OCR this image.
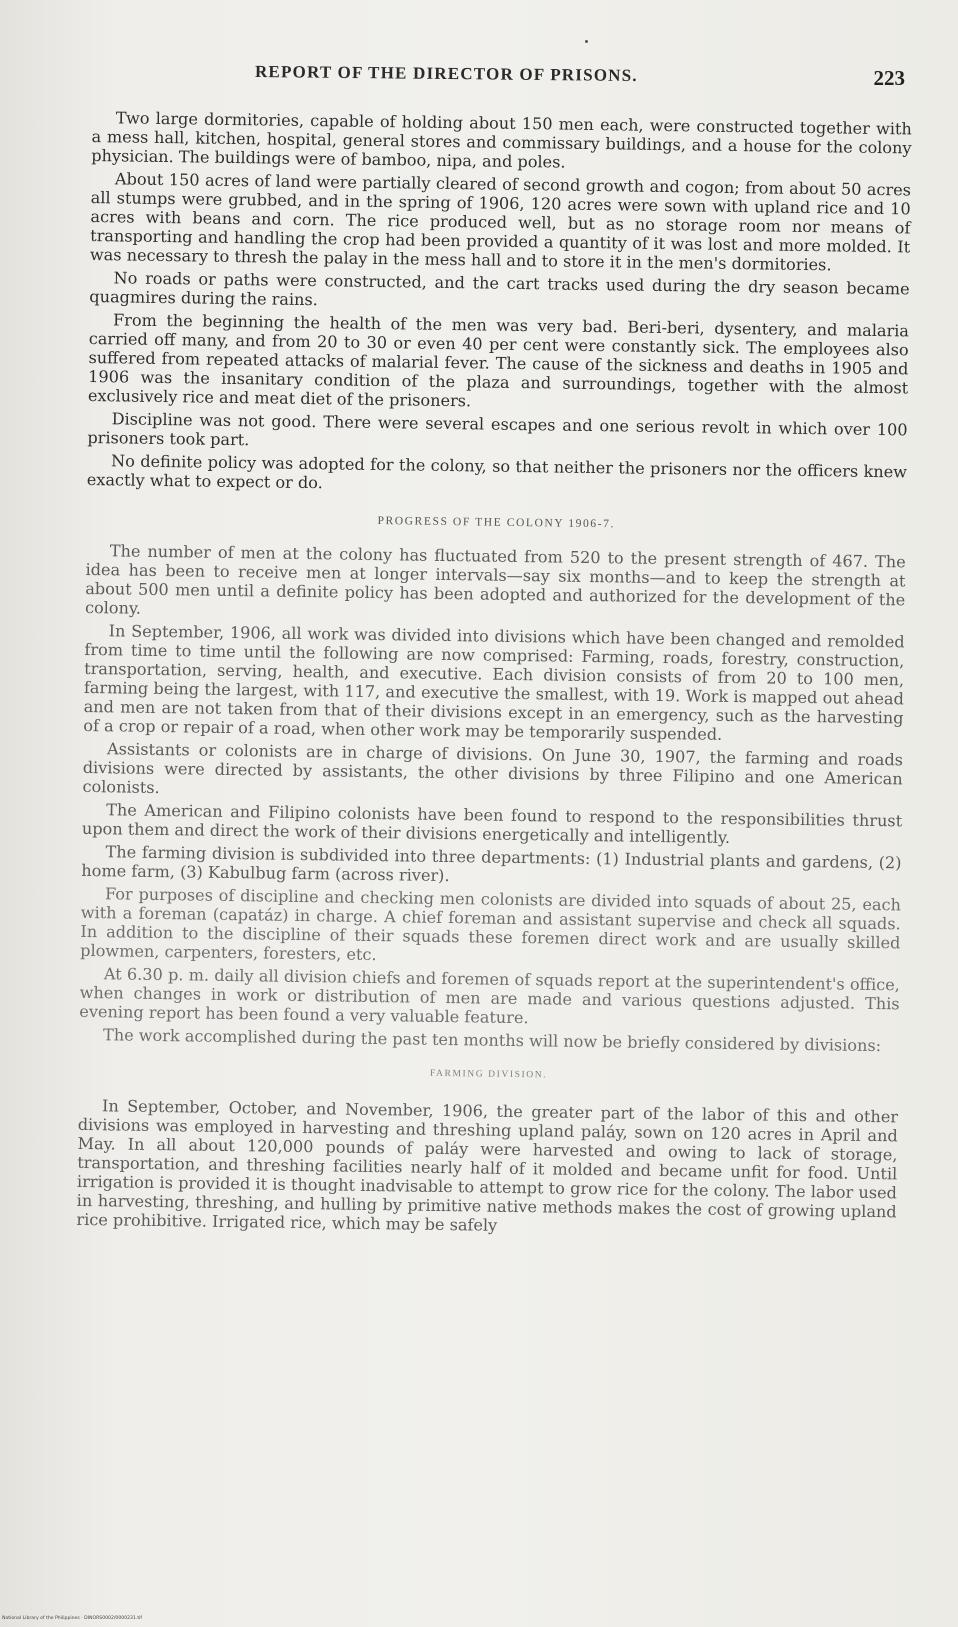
REPORT OF THE DIRECTOR OF PRISONS.	223

Two large dormitories, capable of holding about 150 men each, were constructed together with a mess hall, kitchen, hospital, general stores and commissary buildings, and a house for the colony physician. The buildings were of bamboo, nipa, and poles.

About 150 acres of land were partially cleared of second growth and cogon; from about 50 acres all stumps were grubbed, and in the spring of 1906, 120 acres were sown with upland rice and 10 acres with beans and corn. The rice produced well, but as no storage room nor means of transporting and handling the crop had been provided a quantity of it was lost and more molded. It was necessary to thresh the palay in the mess hall and to store it in the men's dormitories.

No roads or paths were constructed, and the cart tracks used during the dry season became quagmires during the rains.

From the beginning the health of the men was very bad. Beri-beri, dysentery, and malaria carried off many, and from 20 to 30 or even 40 per cent were constantly sick. The employees also suffered from repeated attacks of malarial fever. The cause of the sickness and deaths in 1905 and 1906 was the insanitary condition of the plaza and surroundings, together with the almost exclusively rice and meat diet of the prisoners.

Discipline was not good. There were several escapes and one serious revolt in which over 100 prisoners took part.

No definite policy was adopted for the colony, so that neither the prisoners nor the officers knew exactly what to expect or do.

PROGRESS OF THE COLONY 1906-7.

The number of men at the colony has fluctuated from 520 to the present strength of 467. The idea has been to receive men at longer intervals—say six months—and to keep the strength at about 500 men until a definite policy has been adopted and authorized for the development of the colony.

In September, 1906, all work was divided into divisions which have been changed and remolded from time to time until the following are now comprised: Farming, roads, forestry, construction, transportation, serving, health, and executive. Each division consists of from 20 to 100 men, farming being the largest, with 117, and executive the smallest, with 19. Work is mapped out ahead and men are not taken from that of their divisions except in an emergency, such as the harvesting of a crop or repair of a road, when other work may be temporarily suspended.

Assistants or colonists are in charge of divisions. On June 30, 1907, the farming and roads divisions were directed by assistants, the other divisions by three Filipino and one American colonists.

The American and Filipino colonists have been found to respond to the responsibilities thrust upon them and direct the work of their divisions energetically and intelligently.

The farming division is subdivided into three departments: (1) Industrial plants and gardens, (2) home farm, (3) Kabulbug farm (across river).

For purposes of discipline and checking men colonists are divided into squads of about 25, each with a foreman (capatáz) in charge. A chief foreman and assistant supervise and check all squads. In addition to the discipline of their squads these foremen direct work and are usually skilled plowmen, carpenters, foresters, etc.

At 6.30 p. m. daily all division chiefs and foremen of squads report at the superintendent's office, when changes in work or distribution of men are made and various questions adjusted. This evening report has been found a very valuable feature.

The work accomplished during the past ten months will now be briefly considered by divisions:

FARMING DIVISION.

In September, October, and November, 1906, the greater part of the labor of this and other divisions was employed in harvesting and threshing upland paláy, sown on 120 acres in April and May. In all about 120,000 pounds of paláy were harvested and owing to lack of storage, transportation, and threshing facilities nearly half of it molded and became unfit for food. Until irrigation is provided it is thought inadvisable to attempt to grow rice for the colony. The labor used in harvesting, threshing, and hulling by primitive native methods makes the cost of growing upland rice prohibitive. Irrigated rice, which may be safely

National Library of the Philippines · DINORS0002/0000231.tif
